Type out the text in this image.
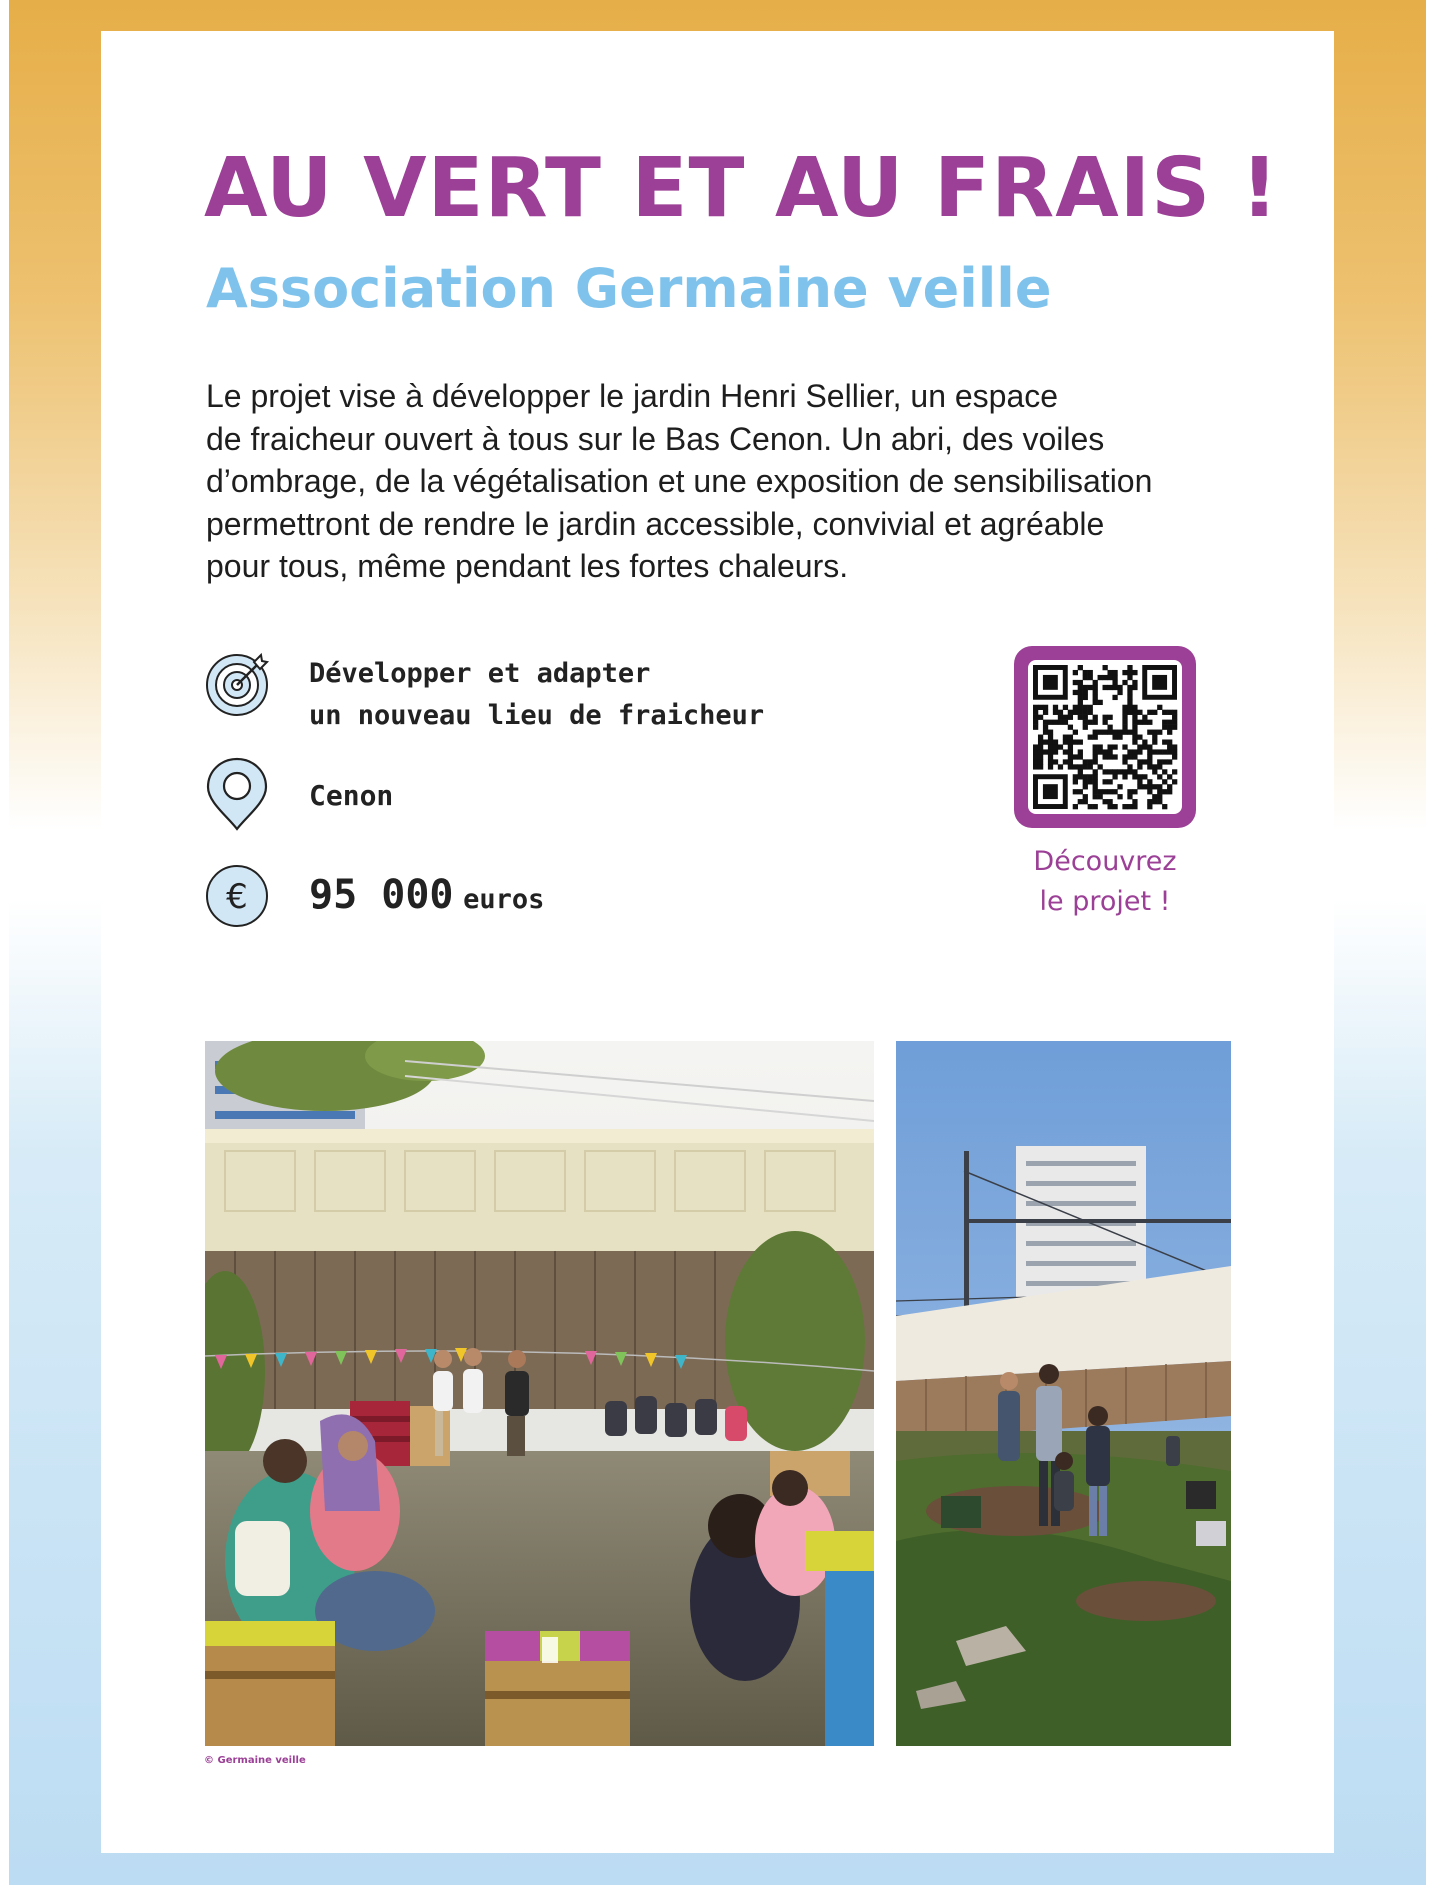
AU VERT ET AU FRAIS !
Association Germaine veille

Le projet vise à développer le jardin Henri Sellier, un espace
de fraicheur ouvert à tous sur le Bas Cenon. Un abri, des voiles
d’ombrage, de la végétalisation et une exposition de sensibilisation
permettront de rendre le jardin accessible, convivial et agréable
pour tous, même pendant les fortes chaleurs.

Développer et adapter
un nouveau lieu de fraicheur
Cenon
€ 95 000 euros

Découvrez
le projet !

© Germaine veille
